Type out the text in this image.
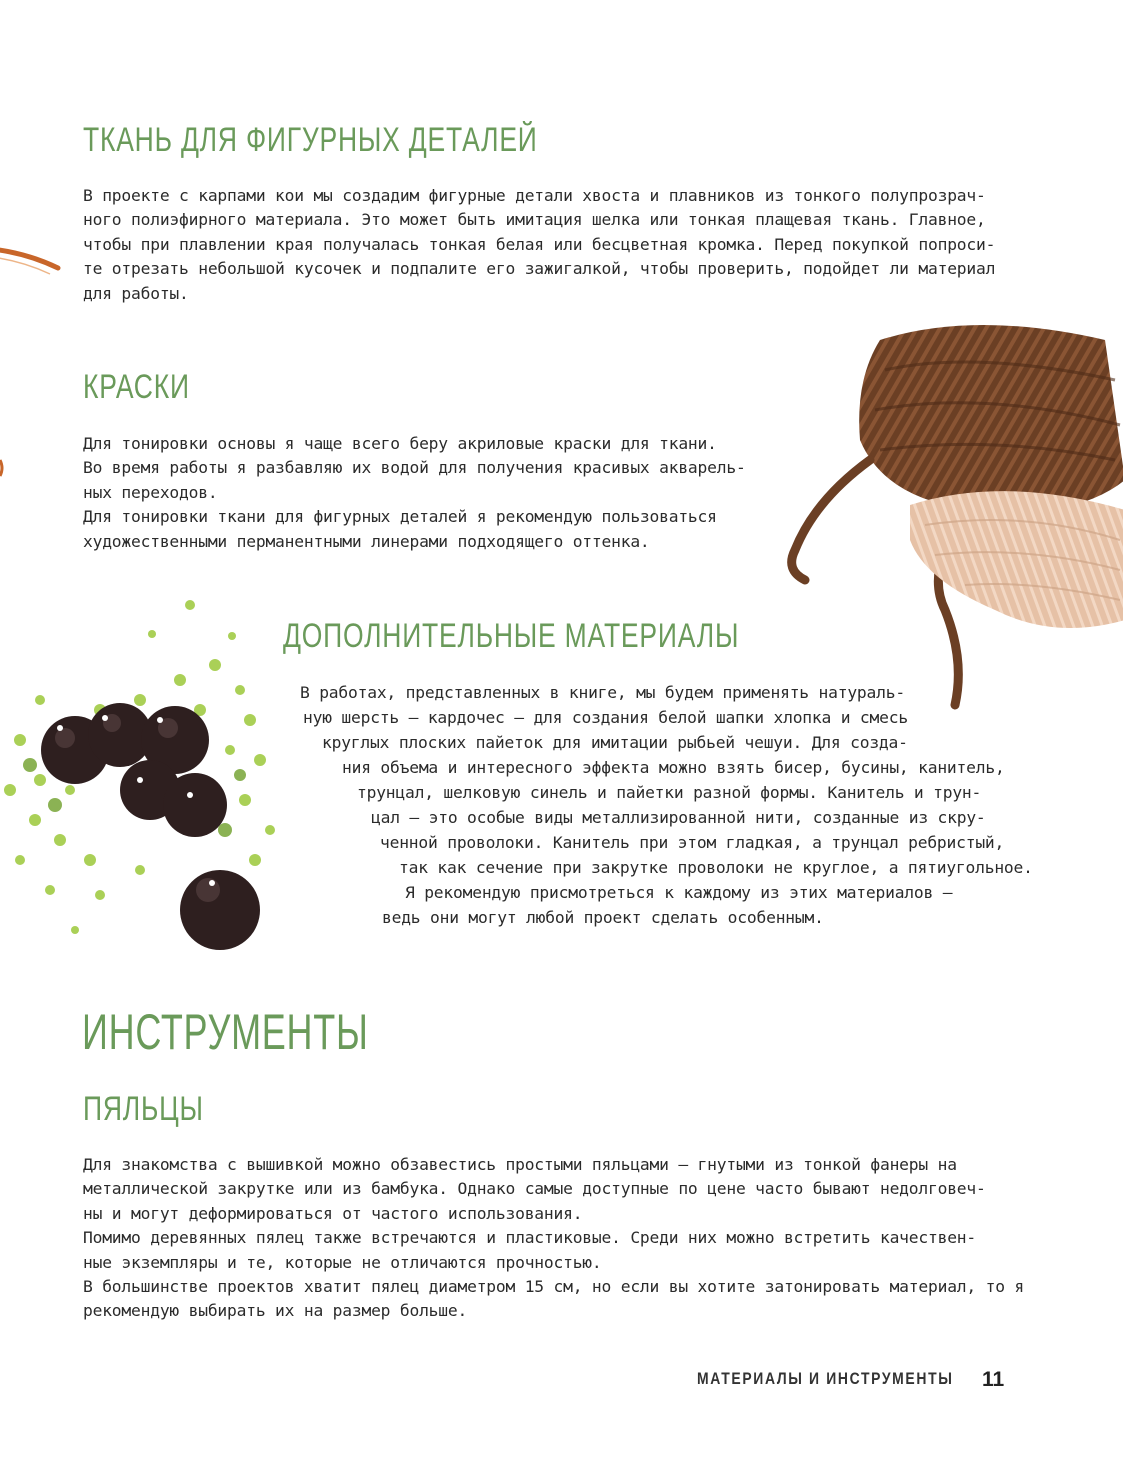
ТКАНЬ ДЛЯ ФИГУРНЫХ ДЕТАЛЕЙ

В проекте с карпами кои мы создадим фигурные детали хвоста и плавников из тонкого полупрозрач-
ного полиэфирного материала. Это может быть имитация шелка или тонкая плащевая ткань. Главное,
чтобы при плавлении края получалась тонкая белая или бесцветная кромка. Перед покупкой попроси-
те отрезать небольшой кусочек и подпалите его зажигалкой, чтобы проверить, подойдет ли материал
для работы.

КРАСКИ

Для тонировки основы я чаще всего беру акриловые краски для ткани.
Во время работы я разбавляю их водой для получения красивых акварель-
ных переходов.
Для тонировки ткани для фигурных деталей я рекомендую пользоваться
художественными перманентными линерами подходящего оттенка.

ДОПОЛНИТЕЛЬНЫЕ МАТЕРИАЛЫ
В работах, представленных в книге, мы будем применять натураль-
ную шерсть — кардочес — для создания белой шапки хлопка и смесь
круглых плоских пайеток для имитации рыбьей чешуи. Для созда-
ния объема и интересного эффекта можно взять бисер, бусины, канитель,
трунцал, шелковую синель и пайетки разной формы. Канитель и трун-
цал — это особые виды металлизированной нити, созданные из скру-
ченной проволоки. Канитель при этом гладкая, а трунцал ребристый,
так как сечение при закрутке проволоки не круглое, а пятиугольное.
Я рекомендую присмотреться к каждому из этих материалов —
ведь они могут любой проект сделать особенным.
ИНСТРУМЕНТЫ
ПЯЛЬЦЫ

Для знакомства с вышивкой можно обзавестись простыми пяльцами — гнутыми из тонкой фанеры на
металлической закрутке или из бамбука. Однако самые доступные по цене часто бывают недолговеч-
ны и могут деформироваться от частого использования.
Помимо деревянных пялец также встречаются и пластиковые. Среди них можно встретить качествен-
ные экземпляры и те, которые не отличаются прочностью.
В большинстве проектов хватит пялец диаметром 15 см, но если вы хотите затонировать материал, то я
рекомендую выбирать их на размер больше.

МАТЕРИАЛЫ И ИНСТРУМЕНТЫ 11
